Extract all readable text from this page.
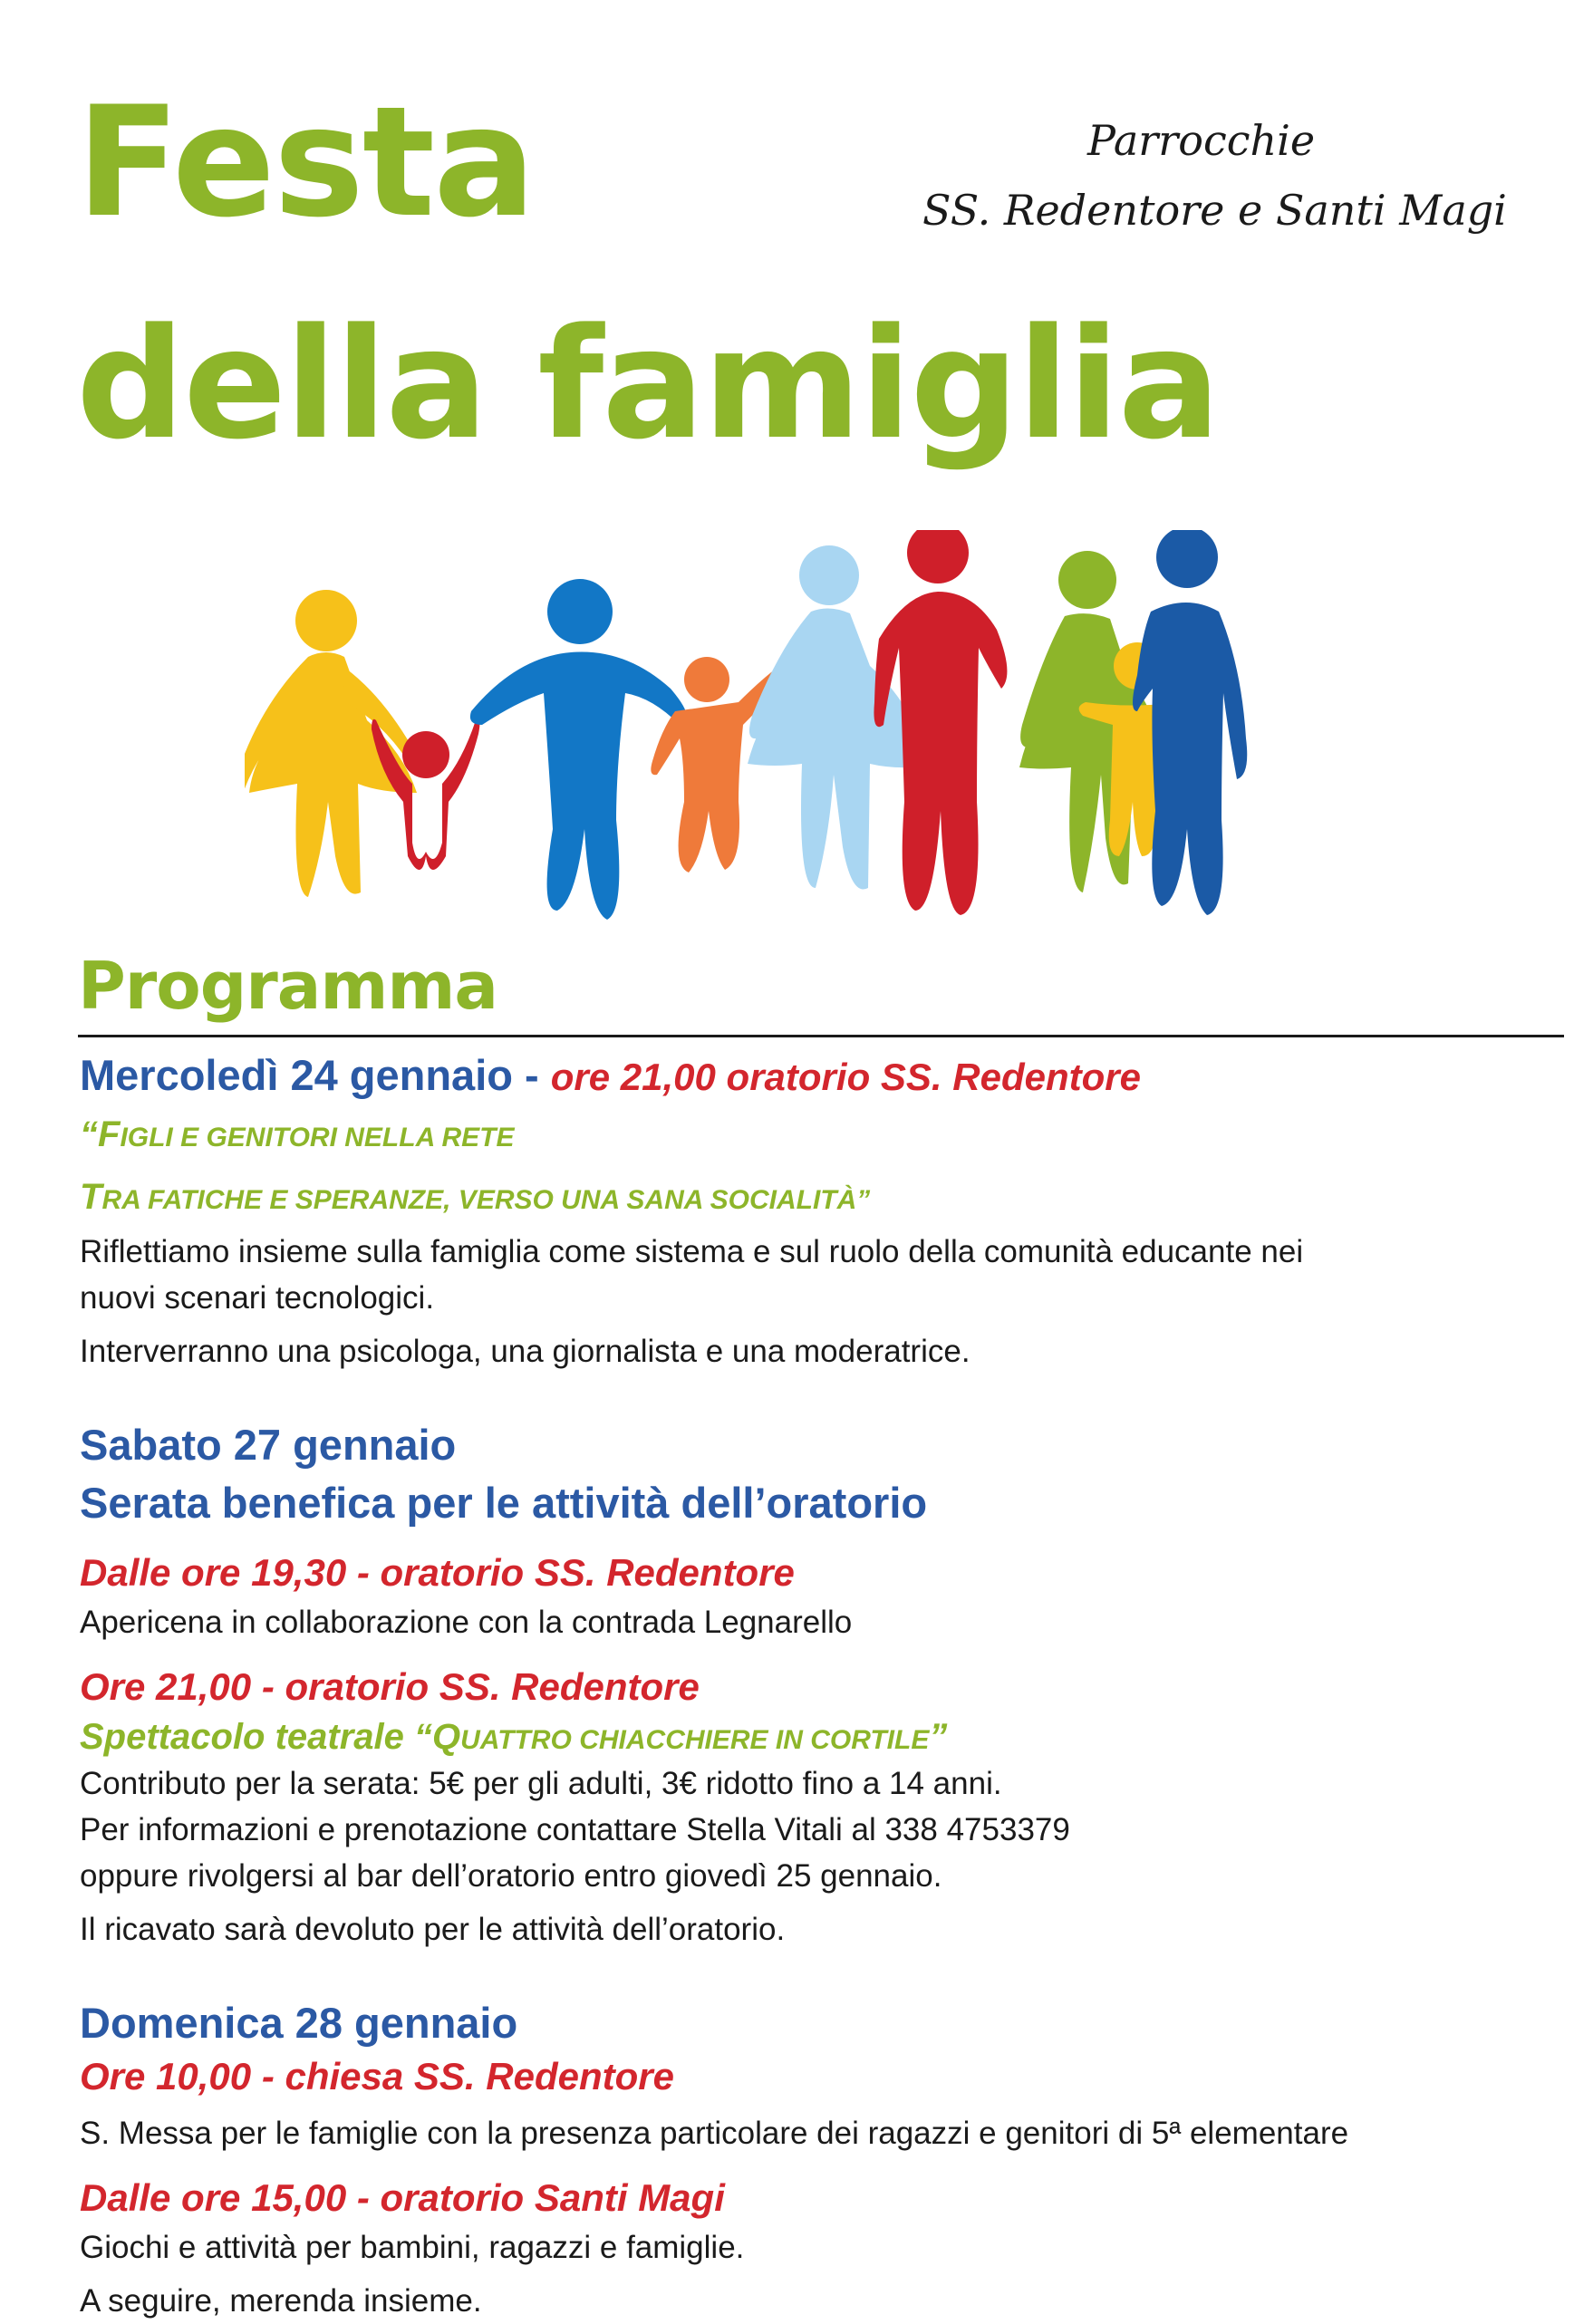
Festa
della famiglia
Parrocchie
SS. Redentore e Santi Magi
Programma
Mercoledì 24 gennaio - ore 21,00 oratorio SS. Redentore
“FIGLI E GENITORI NELLA RETE
TRA FATICHE E SPERANZE, VERSO UNA SANA SOCIALITÀ”
Riflettiamo insieme sulla famiglia come sistema e sul ruolo della comunità educante nei
nuovi scenari tecnologici.
Interverranno una psicologa, una giornalista e una moderatrice.
Sabato 27 gennaio
Serata benefica per le attività dell’oratorio
Dalle ore 19,30 - oratorio SS. Redentore
Apericena in collaborazione con la contrada Legnarello
Ore 21,00 - oratorio SS. Redentore
Spettacolo teatrale “QUATTRO CHIACCHIERE IN CORTILE”
Contributo per la serata: 5€ per gli adulti, 3€ ridotto fino a 14 anni.
Per informazioni e prenotazione contattare Stella Vitali al 338 4753379
oppure rivolgersi al bar dell’oratorio entro giovedì 25 gennaio.
Il ricavato sarà devoluto per le attività dell’oratorio.
Domenica 28 gennaio
Ore 10,00 - chiesa SS. Redentore
S. Messa per le famiglie con la presenza particolare dei ragazzi e genitori di 5ª elementare
Dalle ore 15,00 - oratorio Santi Magi
Giochi e attività per bambini, ragazzi e famiglie.
A seguire, merenda insieme.
